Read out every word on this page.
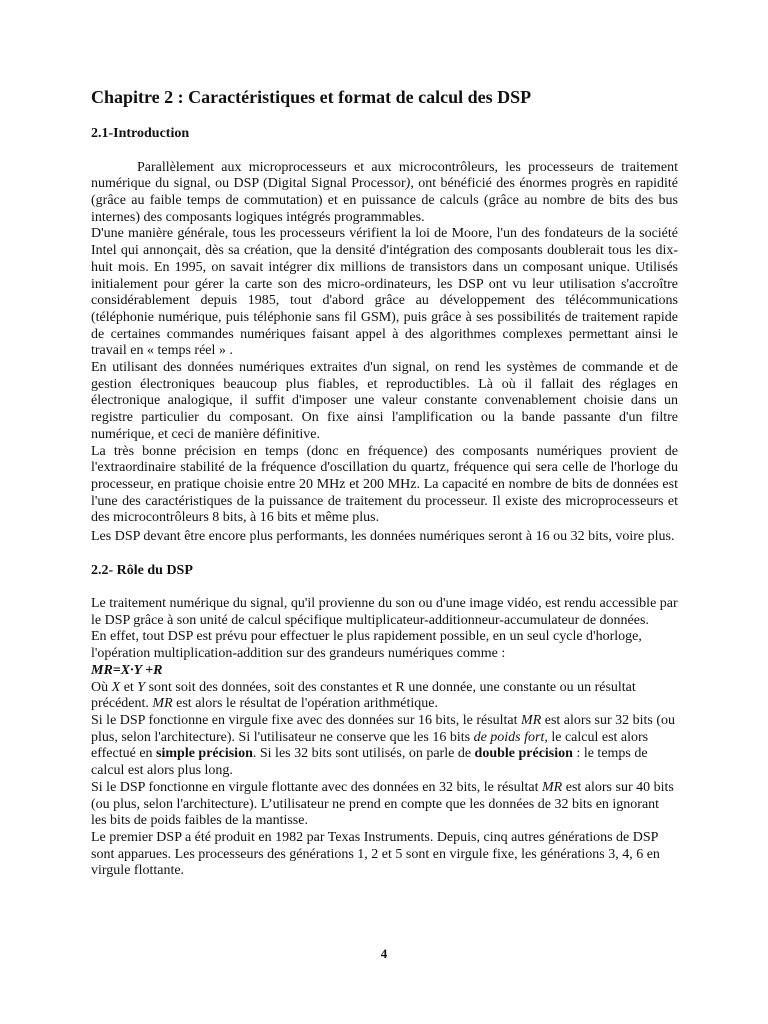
Chapitre 2 : Caractéristiques et format de calcul des DSP
2.1-Introduction

Parallèlement aux microprocesseurs et aux microcontrôleurs, les processeurs de traitement numérique du signal, ou DSP (Digital Signal Processor), ont bénéficié des énormes progrès en rapidité (grâce au faible temps de commutation) et en puissance de calculs (grâce au nombre de bits des bus internes) des composants logiques intégrés programmables.

D'une manière générale, tous les processeurs vérifient la loi de Moore, l'un des fondateurs de la société Intel qui annonçait, dès sa création, que la densité d'intégration des composants doublerait tous les dix-huit mois. En 1995, on savait intégrer dix millions de transistors dans un composant unique. Utilisés initialement pour gérer la carte son des micro-ordinateurs, les DSP ont vu leur utilisation s'accroître considérablement depuis 1985, tout d'abord grâce au développement des télécommunications (téléphonie numérique, puis téléphonie sans fil GSM), puis grâce à ses possibilités de traitement rapide de certaines commandes numériques faisant appel à des algorithmes complexes permettant ainsi le travail en « temps réel » .

En utilisant des données numériques extraites d'un signal, on rend les systèmes de commande et de gestion électroniques beaucoup plus fiables, et reproductibles. Là où il fallait des réglages en électronique analogique, il suffit d'imposer une valeur constante convenablement choisie dans un registre particulier du composant. On fixe ainsi l'amplification ou la bande passante d'un filtre numérique, et ceci de manière définitive.

La très bonne précision en temps (donc en fréquence) des composants numériques provient de l'extraordinaire stabilité de la fréquence d'oscillation du quartz, fréquence qui sera celle de l'horloge du processeur, en pratique choisie entre 20 MHz et 200 MHz. La capacité en nombre de bits de données est l'une des caractéristiques de la puissance de traitement du processeur. Il existe des microprocesseurs et des microcontrôleurs 8 bits, à 16 bits et même plus.

Les DSP devant être encore plus performants, les données numériques seront à 16 ou 32 bits, voire plus.

2.2- Rôle du DSP

Le traitement numérique du signal, qu'il provienne du son ou d'une image vidéo, est rendu accessible par le DSP grâce à son unité de calcul spécifique multiplicateur-additionneur-accumulateur de données.

En effet, tout DSP est prévu pour effectuer le plus rapidement possible, en un seul cycle d'horloge, l'opération multiplication-addition sur des grandeurs numériques comme :

MR=X·Y +R

Où X et Y sont soit des données, soit des constantes et R une donnée, une constante ou un résultat précédent. MR est alors le résultat de l'opération arithmétique.

Si le DSP fonctionne en virgule fixe avec des données sur 16 bits, le résultat MR est alors sur 32 bits (ou plus, selon l'architecture). Si l'utilisateur ne conserve que les 16 bits de poids fort, le calcul est alors effectué en simple précision. Si les 32 bits sont utilisés, on parle de double précision : le temps de calcul est alors plus long.

Si le DSP fonctionne en virgule flottante avec des données en 32 bits, le résultat MR est alors sur 40 bits (ou plus, selon l'architecture). L’utilisateur ne prend en compte que les données de 32 bits en ignorant les bits de poids faibles de la mantisse.

Le premier DSP a été produit en 1982 par Texas Instruments. Depuis, cinq autres générations de DSP sont apparues. Les processeurs des générations 1, 2 et 5 sont en virgule fixe, les générations 3, 4, 6 en virgule flottante.

4
